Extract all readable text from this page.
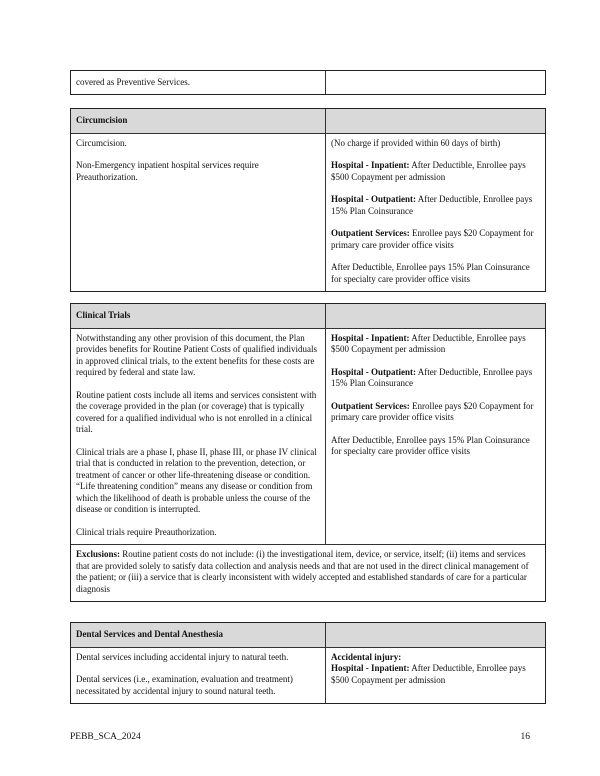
covered as Preventive Services.
Circumcision

Circumcision.

Non-Emergency inpatient hospital services require Preauthorization.

(No charge if provided within 60 days of birth)

Hospital - Inpatient: After Deductible, Enrollee pays $500 Copayment per admission

Hospital - Outpatient: After Deductible, Enrollee pays 15% Plan Coinsurance

Outpatient Services: Enrollee pays $20 Copayment for primary care provider office visits

After Deductible, Enrollee pays 15% Plan Coinsurance for specialty care provider office visits

Clinical Trials

Notwithstanding any other provision of this document, the Plan provides benefits for Routine Patient Costs of qualified individuals in approved clinical trials, to the extent benefits for these costs are required by federal and state law.

Routine patient costs include all items and services consistent with the coverage provided in the plan (or coverage) that is typically covered for a qualified individual who is not enrolled in a clinical trial.

Clinical trials are a phase I, phase II, phase III, or phase IV clinical trial that is conducted in relation to the prevention, detection, or treatment of cancer or other life-threatening disease or condition. “Life threatening condition” means any disease or condition from which the likelihood of death is probable unless the course of the disease or condition is interrupted.

Clinical trials require Preauthorization.

Hospital - Inpatient: After Deductible, Enrollee pays $500 Copayment per admission

Hospital - Outpatient: After Deductible, Enrollee pays 15% Plan Coinsurance

Outpatient Services: Enrollee pays $20 Copayment for primary care provider office visits

After Deductible, Enrollee pays 15% Plan Coinsurance for specialty care provider office visits

Exclusions: Routine patient costs do not include: (i) the investigational item, device, or service, itself; (ii) items and services that are provided solely to satisfy data collection and analysis needs and that are not used in the direct clinical management of the patient; or (iii) a service that is clearly inconsistent with widely accepted and established standards of care for a particular diagnosis

Dental Services and Dental Anesthesia

Dental services including accidental injury to natural teeth.

Dental services (i.e., examination, evaluation and treatment) necessitated by accidental injury to sound natural teeth.

Accidental injury:

Hospital - Inpatient: After Deductible, Enrollee pays $500 Copayment per admission

PEBB_SCA_2024	16
